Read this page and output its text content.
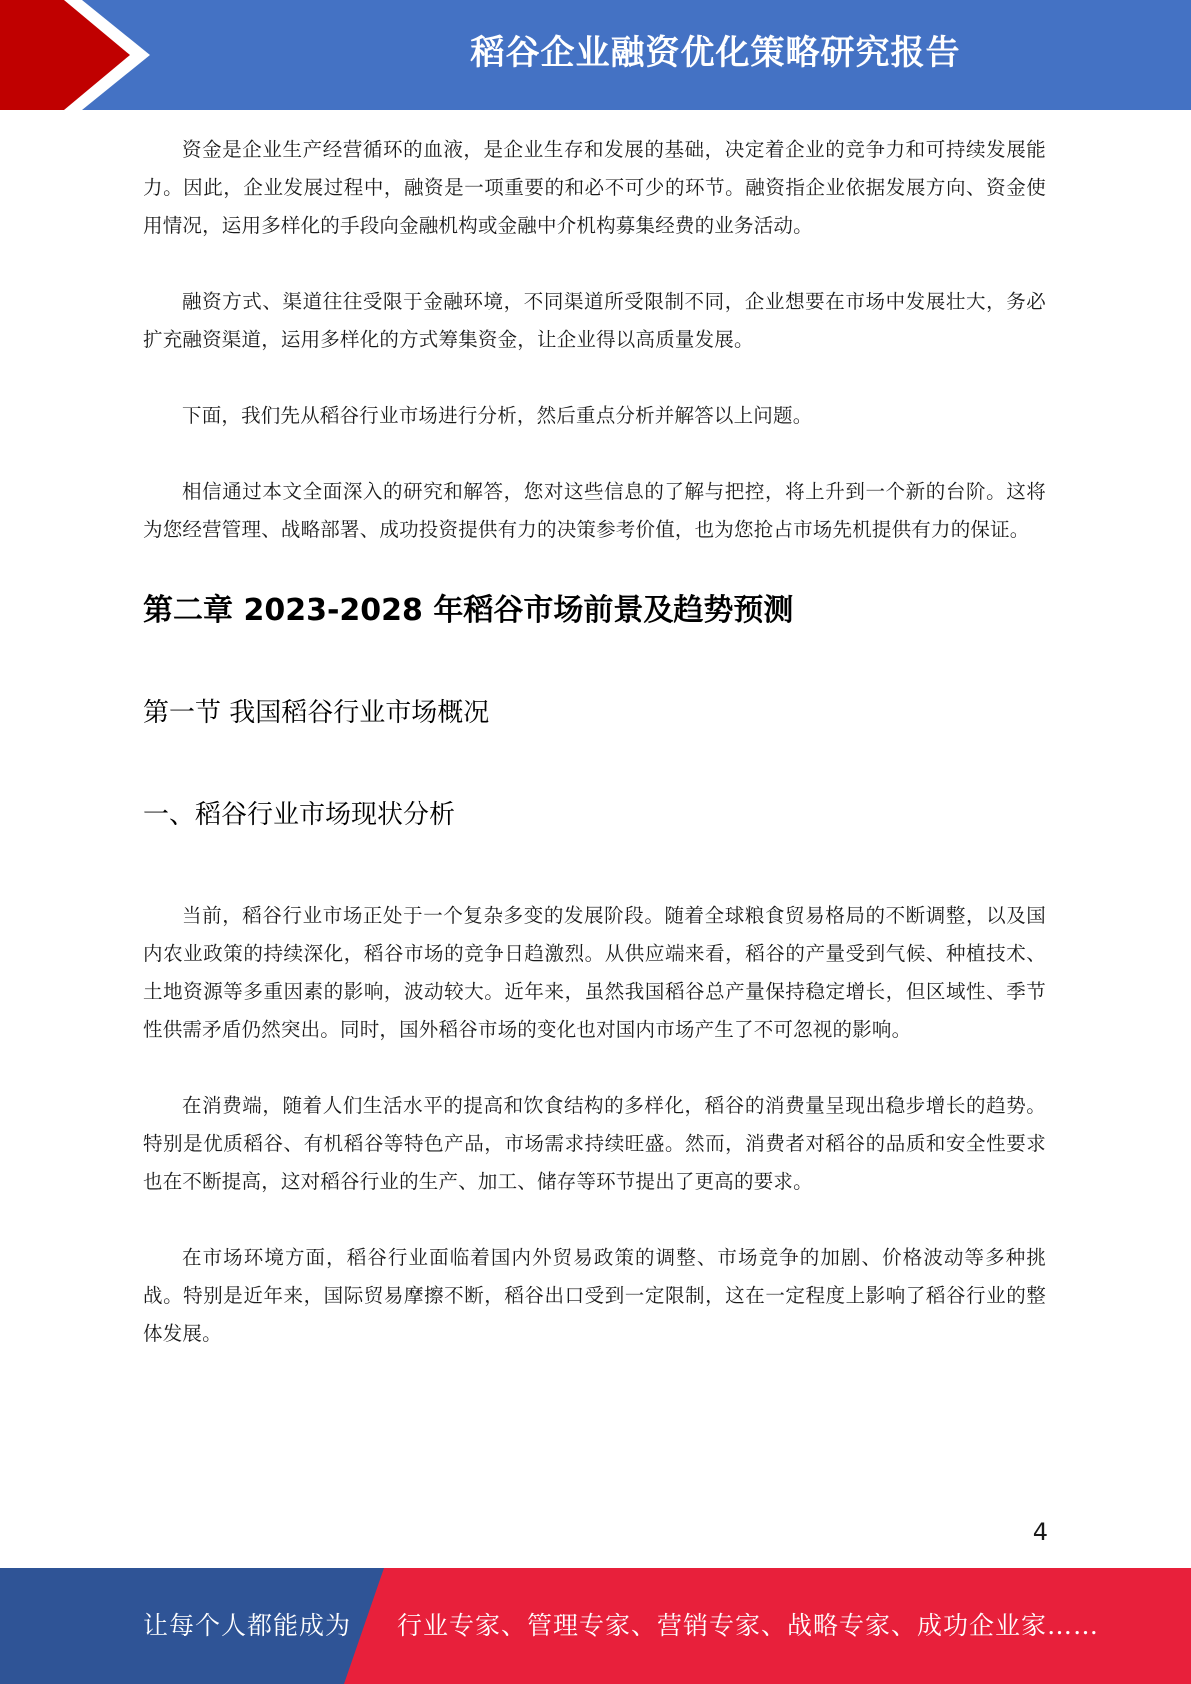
稻谷企业融资优化策略研究报告

资金是企业生产经营循环的血液，是企业生存和发展的基础，决定着企业的竞争力和可持续发展能力。因此，企业发展过程中，融资是一项重要的和必不可少的环节。融资指企业依据发展方向、资金使用情况，运用多样化的手段向金融机构或金融中介机构募集经费的业务活动。

融资方式、渠道往往受限于金融环境，不同渠道所受限制不同，企业想要在市场中发展壮大，务必扩充融资渠道，运用多样化的方式筹集资金，让企业得以高质量发展。

下面，我们先从稻谷行业市场进行分析，然后重点分析并解答以上问题。

相信通过本文全面深入的研究和解答，您对这些信息的了解与把控，将上升到一个新的台阶。这将为您经营管理、战略部署、成功投资提供有力的决策参考价值，也为您抢占市场先机提供有力的保证。

第二章 2023-2028 年稻谷市场前景及趋势预测
第一节 我国稻谷行业市场概况
一、稻谷行业市场现状分析

当前，稻谷行业市场正处于一个复杂多变的发展阶段。随着全球粮食贸易格局的不断调整，以及国内农业政策的持续深化，稻谷市场的竞争日趋激烈。从供应端来看，稻谷的产量受到气候、种植技术、土地资源等多重因素的影响，波动较大。近年来，虽然我国稻谷总产量保持稳定增长，但区域性、季节性供需矛盾仍然突出。同时，国外稻谷市场的变化也对国内市场产生了不可忽视的影响。

在消费端，随着人们生活水平的提高和饮食结构的多样化，稻谷的消费量呈现出稳步增长的趋势。特别是优质稻谷、有机稻谷等特色产品，市场需求持续旺盛。然而，消费者对稻谷的品质和安全性要求也在不断提高，这对稻谷行业的生产、加工、储存等环节提出了更高的要求。

在市场环境方面，稻谷行业面临着国内外贸易政策的调整、市场竞争的加剧、价格波动等多种挑战。特别是近年来，国际贸易摩擦不断，稻谷出口受到一定限制，这在一定程度上影响了稻谷行业的整体发展。

4
让每个人都能成为 行业专家、管理专家、营销专家、战略专家、成功企业家……
